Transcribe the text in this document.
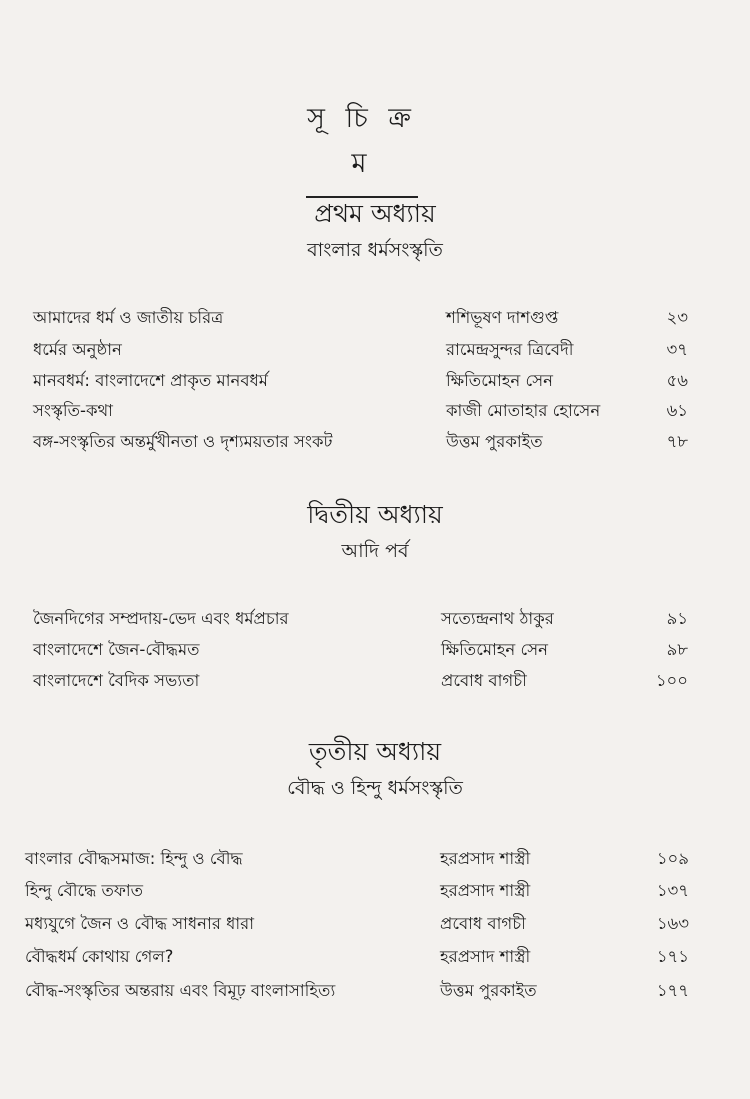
সূ চি ক্র ম
প্রথম অধ্যায়
বাংলার ধর্মসংস্কৃতি
আমাদের ধর্ম ও জাতীয় চরিত্র	শশিভূষণ দাশগুপ্ত	২৩
ধর্মের অনুষ্ঠান	রামেন্দ্রসুন্দর ত্রিবেদী	৩৭
মানবধর্ম: বাংলাদেশে প্রাকৃত মানবধর্ম	ক্ষিতিমোহন সেন	৫৬
সংস্কৃতি-কথা	কাজী মোতাহার হোসেন	৬১
বঙ্গ-সংস্কৃতির অন্তর্মুখীনতা ও দৃশ্যময়তার সংকট	উত্তম পুরকাইত	৭৮
দ্বিতীয় অধ্যায়
আদি পর্ব
জৈনদিগের সম্প্রদায়-ভেদ এবং ধর্মপ্রচার	সত্যেন্দ্রনাথ ঠাকুর	৯১
বাংলাদেশে জৈন-বৌদ্ধমত	ক্ষিতিমোহন সেন	৯৮
বাংলাদেশে বৈদিক সভ্যতা	প্রবোধ বাগচী	১০০
তৃতীয় অধ্যায়
বৌদ্ধ ও হিন্দু ধর্মসংস্কৃতি
বাংলার বৌদ্ধসমাজ: হিন্দু ও বৌদ্ধ	হরপ্রসাদ শাস্ত্রী	১০৯
হিন্দু বৌদ্ধে তফাত	হরপ্রসাদ শাস্ত্রী	১৩৭
মধ্যযুগে জৈন ও বৌদ্ধ সাধনার ধারা	প্রবোধ বাগচী	১৬৩
বৌদ্ধধর্ম কোথায় গেল?	হরপ্রসাদ শাস্ত্রী	১৭১
বৌদ্ধ-সংস্কৃতির অন্তরায় এবং বিমূঢ় বাংলাসাহিত্য	উত্তম পুরকাইত	১৭৭
